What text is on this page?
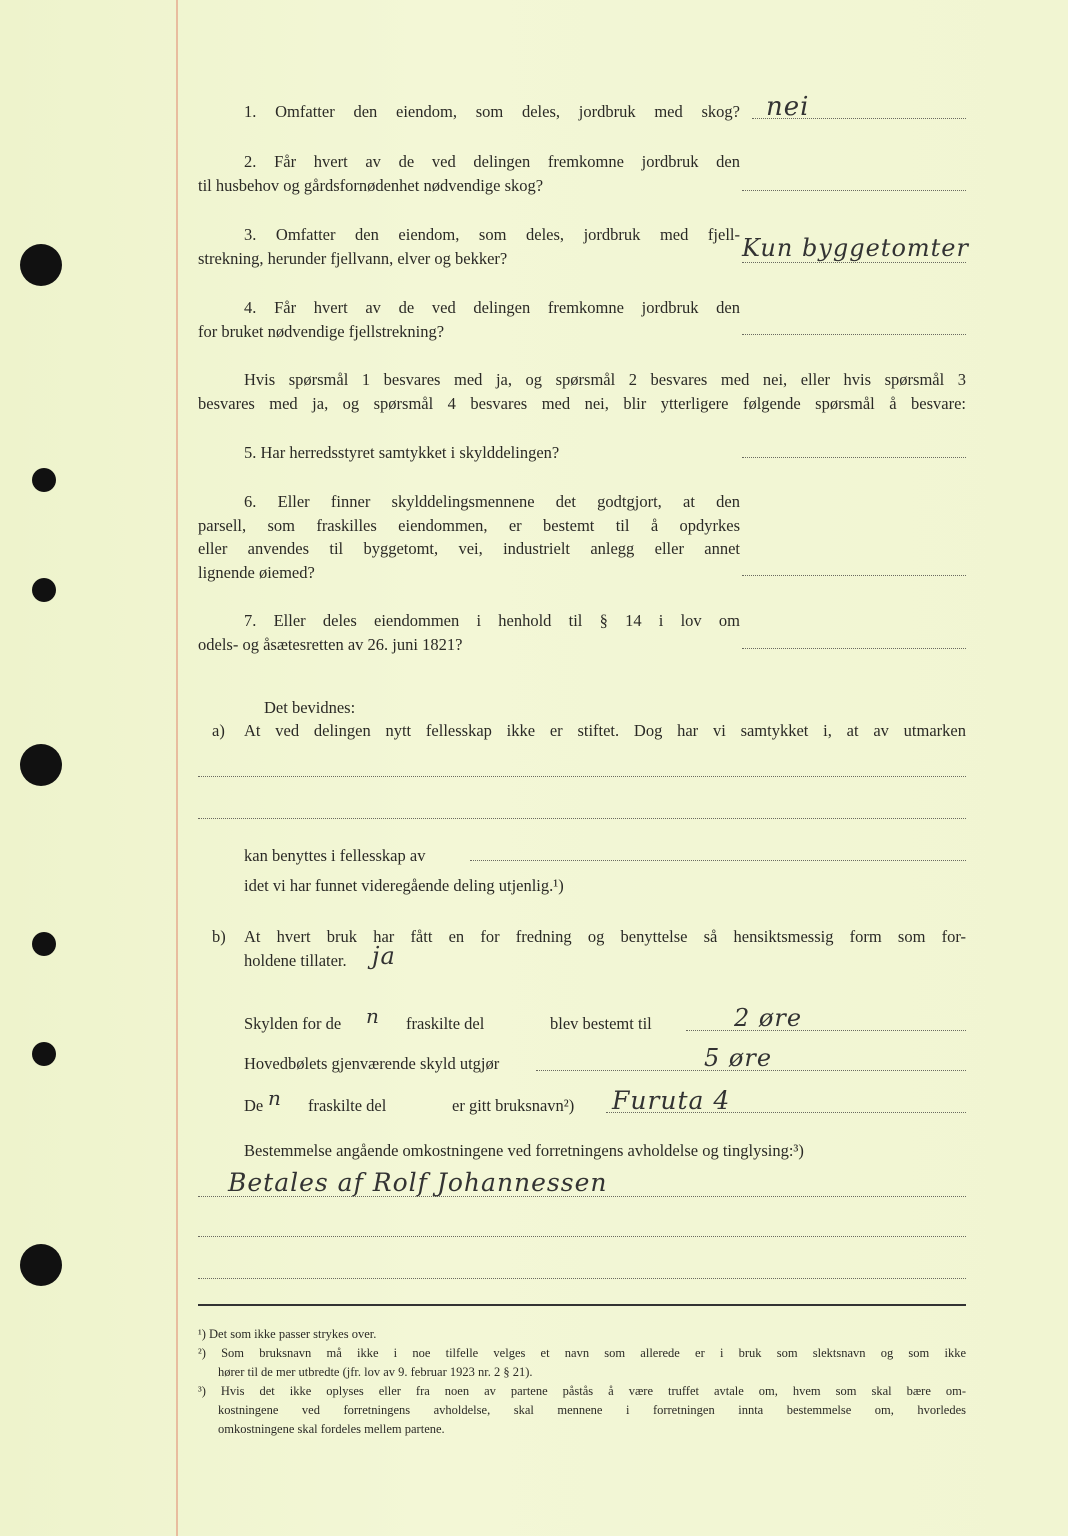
1. Omfatter den eiendom, som deles, jordbruk med skog? nei
2. Får hvert av de ved delingen fremkomne jordbruk den
til husbehov og gårdsfornødenhet nødvendige skog?
3. Omfatter den eiendom, som deles, jordbruk med fjell-
strekning, herunder fjellvann, elver og bekker?	Kun byggetomter
4. Får hvert av de ved delingen fremkomne jordbruk den
for bruket nødvendige fjellstrekning?
Hvis spørsmål 1 besvares med ja, og spørsmål 2 besvares med nei, eller hvis spørsmål 3
besvares med ja, og spørsmål 4 besvares med nei, blir ytterligere følgende spørsmål å besvare:
5. Har herredsstyret samtykket i skylddelingen?
6. Eller finner skylddelingsmennene det godtgjort, at den
parsell, som fraskilles eiendommen, er bestemt til å opdyrkes
eller anvendes til byggetomt, vei, industrielt anlegg eller annet
lignende øiemed?
7. Eller deles eiendommen i henhold til § 14 i lov om
odels- og åsætesretten av 26. juni 1821?
Det bevidnes:
a) At ved delingen nytt fellesskap ikke er stiftet. Dog har vi samtykket i, at av utmarken
kan benyttes i fellesskap av
idet vi har funnet videregående deling utjenlig.¹)
b) At hvert bruk har fått en for fredning og benyttelse så hensiktsmessig form som for-
holdene tillater. ja
Skylden for de n fraskilte del	blev bestemt til	2 øre
Hovedbølets gjenværende skyld utgjør	5 øre
De n fraskilte del	er gitt bruksnavn²) Furuta 4
Bestemmelse angående omkostningene ved forretningens avholdelse og tinglysing:³)
Betales af Rolf Johannessen
¹) Det som ikke passer strykes over.
²) Som bruksnavn må ikke i noe tilfelle velges et navn som allerede er i bruk som slektsnavn og som ikke
hører til de mer utbredte (jfr. lov av 9. februar 1923 nr. 2 § 21).
³) Hvis det ikke oplyses eller fra noen av partene påstås å være truffet avtale om, hvem som skal bære om-
kostningene ved forretningens avholdelse, skal mennene i forretningen innta bestemmelse om, hvorledes
omkostningene skal fordeles mellem partene.
